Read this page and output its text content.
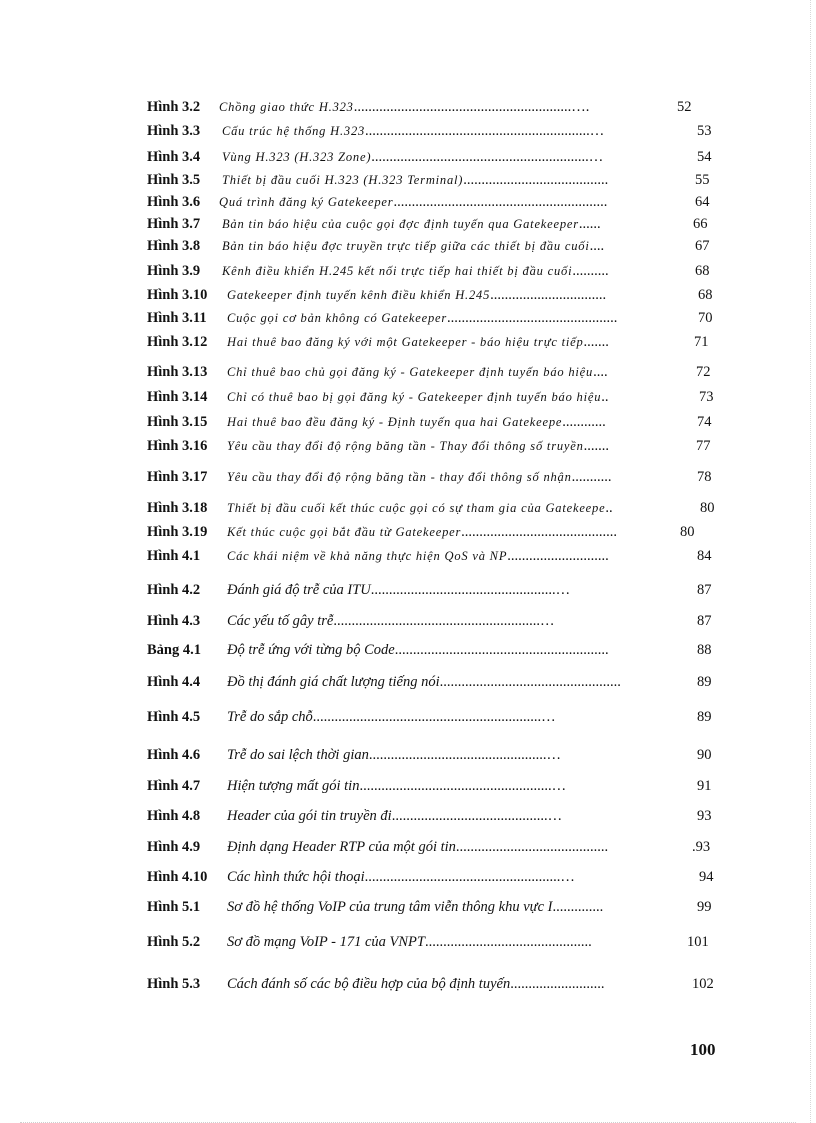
Hình 3.2 Chồng giao thức H.323............................................................….	52
Hình 3.3 Cấu trúc hệ thống H.323..............................................................…	53
Hình 3.4 Vùng H.323 (H.323 Zone)............................................................…	54
Hình 3.5 Thiết bị đầu cuối H.323 (H.323 Terminal)........................................	55
Hình 3.6 Quá trình đăng ký Gatekeeper...........................................................	64
Hình 3.7 Bản tin báo hiệu của cuộc gọi đợc định tuyến qua Gatekeeper......	66
Hình 3.8 Bản tin báo hiệu đợc truyền trực tiếp giữa các thiết bị đầu cuối....	67
Hình 3.9 Kênh điều khiển H.245 kết nối trực tiếp hai thiết bị đầu cuối..........	68
Hình 3.10 Gatekeeper định tuyến kênh điều khiển H.245................................	68
Hình 3.11 Cuộc gọi cơ bản không có Gatekeeper...............................................	70
Hình 3.12 Hai thuê bao đăng ký với một Gatekeeper - báo hiệu trực tiếp.......	71
Hình 3.13 Chỉ thuê bao chủ gọi đăng ký - Gatekeeper định tuyến báo hiệu....	72
Hình 3.14 Chỉ có thuê bao bị gọi đăng ký - Gatekeeper định tuyến báo hiệu..	73
Hình 3.15 Hai thuê bao đều đăng ký - Định tuyến qua hai Gatekeepe............	74
Hình 3.16 Yêu cầu thay đổi độ rộng băng tần - Thay đổi thông số truyền.......	77
Hình 3.17 Yêu cầu thay đổi độ rộng băng tần - thay đổi thông số nhận...........	78
Hình 3.18 Thiết bị đầu cuối kết thúc cuộc gọi có sự tham gia của Gatekeepe..	80
Hình 3.19 Kết thúc cuộc gọi bắt đầu từ Gatekeeper...........................................	80
Hình 4.1 Các khái niệm về khả năng thực hiện QoS và NP............................	84
Hình 4.2 Đánh giá độ trễ của ITU...................................................…	87
Hình 4.3 Các yếu tố gây trễ.........................................................…	87
Bảng 4.1 Độ trễ ứng với từng bộ Code...........................................................	88
Hình 4.4 Đồ thị đánh giá chất lượng tiếng nói..................................................	89
Hình 4.5 Trễ do sắp chỗ...............................................................…	89
Hình 4.6 Trễ do sai lệch thời gian.................................................…	90
Hình 4.7 Hiện tượng mất gói tin.....................................................…	91
Hình 4.8 Header của gói tin truyền đi...........................................…	93
Hình 4.9 Định dạng Header RTP của một gói tin..........................................	.93
Hình 4.10 Các hình thức hội thoại......................................................…	94
Hình 5.1 Sơ đồ hệ thống VoIP của trung tâm viễn thông khu vực I..............	99
Hình 5.2 Sơ đồ mạng VoIP - 171 của VNPT..............................................	101
Hình 5.3 Cách đánh số các bộ điều hợp của bộ định tuyến..........................	102
100
